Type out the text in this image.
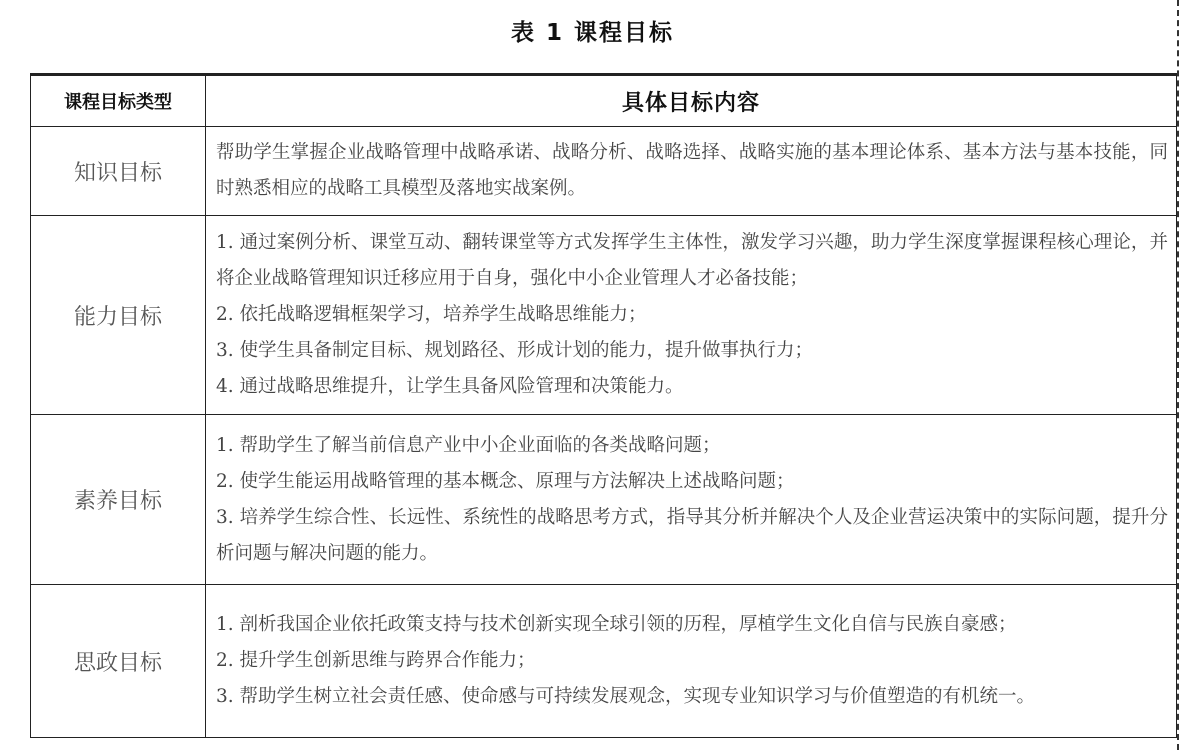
表 1 课程目标
课程目标类型	具体目标内容
知识目标	帮助学生掌握企业战略管理中战略承诺、战略分析、战略选择、战略实施的基本理论体系、基本方法与基本技能，同时熟悉相应的战略工具模型及落地实战案例。

能力目标	1. 通过案例分析、课堂互动、翻转课堂等方式发挥学生主体性，激发学习兴趣，助力学生深度掌握课程核心理论，并将企业战略管理知识迁移应用于自身，强化中小企业管理人才必备技能；
2. 依托战略逻辑框架学习，培养学生战略思维能力；
3. 使学生具备制定目标、规划路径、形成计划的能力，提升做事执行力；
4. 通过战略思维提升，让学生具备风险管理和决策能力。

素养目标	1. 帮助学生了解当前信息产业中小企业面临的各类战略问题；
2. 使学生能运用战略管理的基本概念、原理与方法解决上述战略问题；
3. 培养学生综合性、长远性、系统性的战略思考方式，指导其分析并解决个人及企业营运决策中的实际问题，提升分析问题与解决问题的能力。

思政目标	1. 剖析我国企业依托政策支持与技术创新实现全球引领的历程，厚植学生文化自信与民族自豪感；
2. 提升学生创新思维与跨界合作能力；
3. 帮助学生树立社会责任感、使命感与可持续发展观念，实现专业知识学习与价值塑造的有机统一。
